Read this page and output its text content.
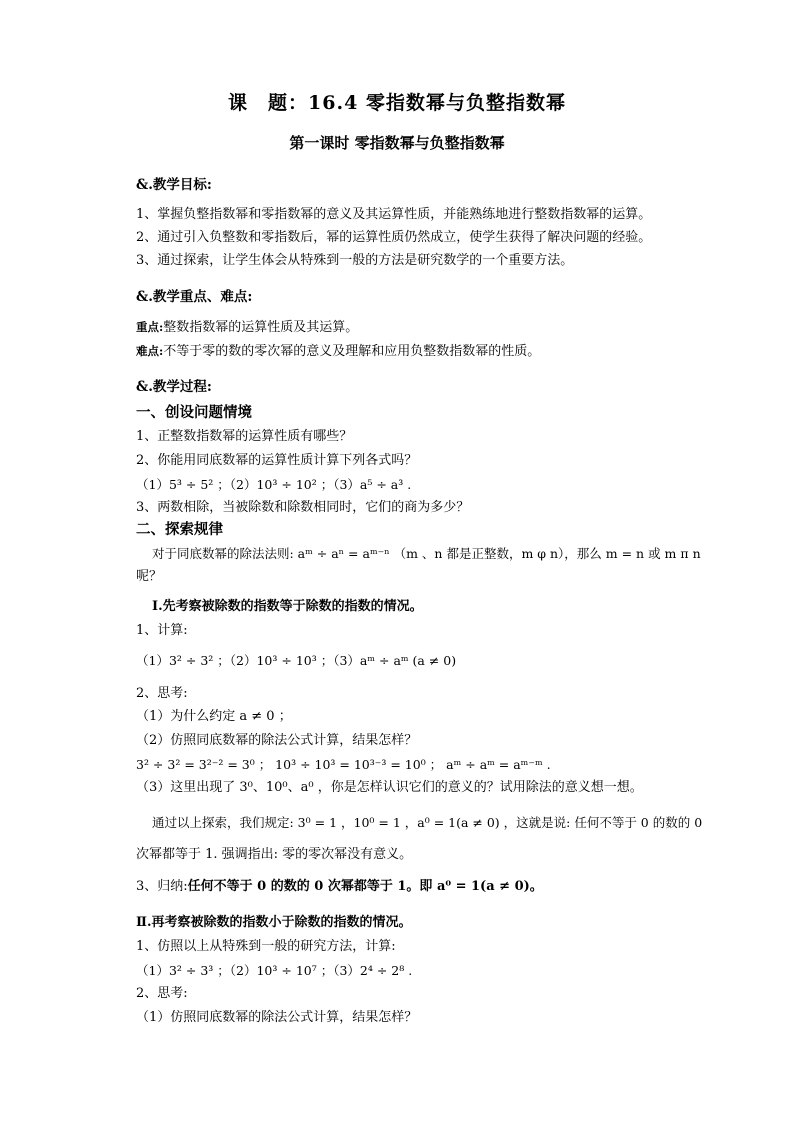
课　题：16.4 零指数幂与负整指数幂
第一课时 零指数幂与负整指数幂
&.教学目标:
1、掌握负整指数幂和零指数幂的意义及其运算性质，并能熟练地进行整数指数幂的运算。
2、通过引入负整数和零指数后，幂的运算性质仍然成立，使学生获得了解决问题的经验。
3、通过探索，让学生体会从特殊到一般的方法是研究数学的一个重要方法。
&.教学重点、难点:
重点:整数指数幂的运算性质及其运算。
难点:不等于零的数的零次幂的意义及理解和应用负整数指数幂的性质。
&.教学过程:
一、创设问题情境
1、正整数指数幂的运算性质有哪些？
2、你能用同底数幂的运算性质计算下列各式吗？
（1）5³ ÷ 5² ；（2）10³ ÷ 10² ；（3）a⁵ ÷ a³ .
3、两数相除，当被除数和除数相同时，它们的商为多少？
二、探索规律
对于同底数幂的除法法则: aᵐ ÷ aⁿ = aᵐ⁻ⁿ （m 、n 都是正整数，m φ n），那么 m = n 或 m π n
呢？
Ⅰ.先考察被除数的指数等于除数的指数的情况。
1、计算:
（1）3² ÷ 3² ；（2）10³ ÷ 10³ ；（3）aᵐ ÷ aᵐ (a ≠ 0)
2、思考:
（1）为什么约定 a ≠ 0 ；
（2）仿照同底数幂的除法公式计算，结果怎样？
3² ÷ 3² = 3²⁻² = 3⁰ ； 10³ ÷ 10³ = 10³⁻³ = 10⁰ ； aᵐ ÷ aᵐ = aᵐ⁻ᵐ .
（3）这里出现了 3⁰、10⁰、a⁰ ，你是怎样认识它们的意义的？试用除法的意义想一想。
通过以上探索，我们规定: 3⁰ = 1 ，10⁰ = 1 ，a⁰ = 1(a ≠ 0) ，这就是说: 任何不等于 0 的数的 0
次幂都等于 1. 强调指出: 零的零次幂没有意义。
3、归纳:任何不等于 0 的数的 0 次幂都等于 1。即 a⁰ = 1(a ≠ 0)。
Ⅱ.再考察被除数的指数小于除数的指数的情况。
1、仿照以上从特殊到一般的研究方法，计算:
（1）3² ÷ 3³ ；（2）10³ ÷ 10⁷ ；（3）2⁴ ÷ 2⁸ .
2、思考:
（1）仿照同底数幂的除法公式计算，结果怎样？
